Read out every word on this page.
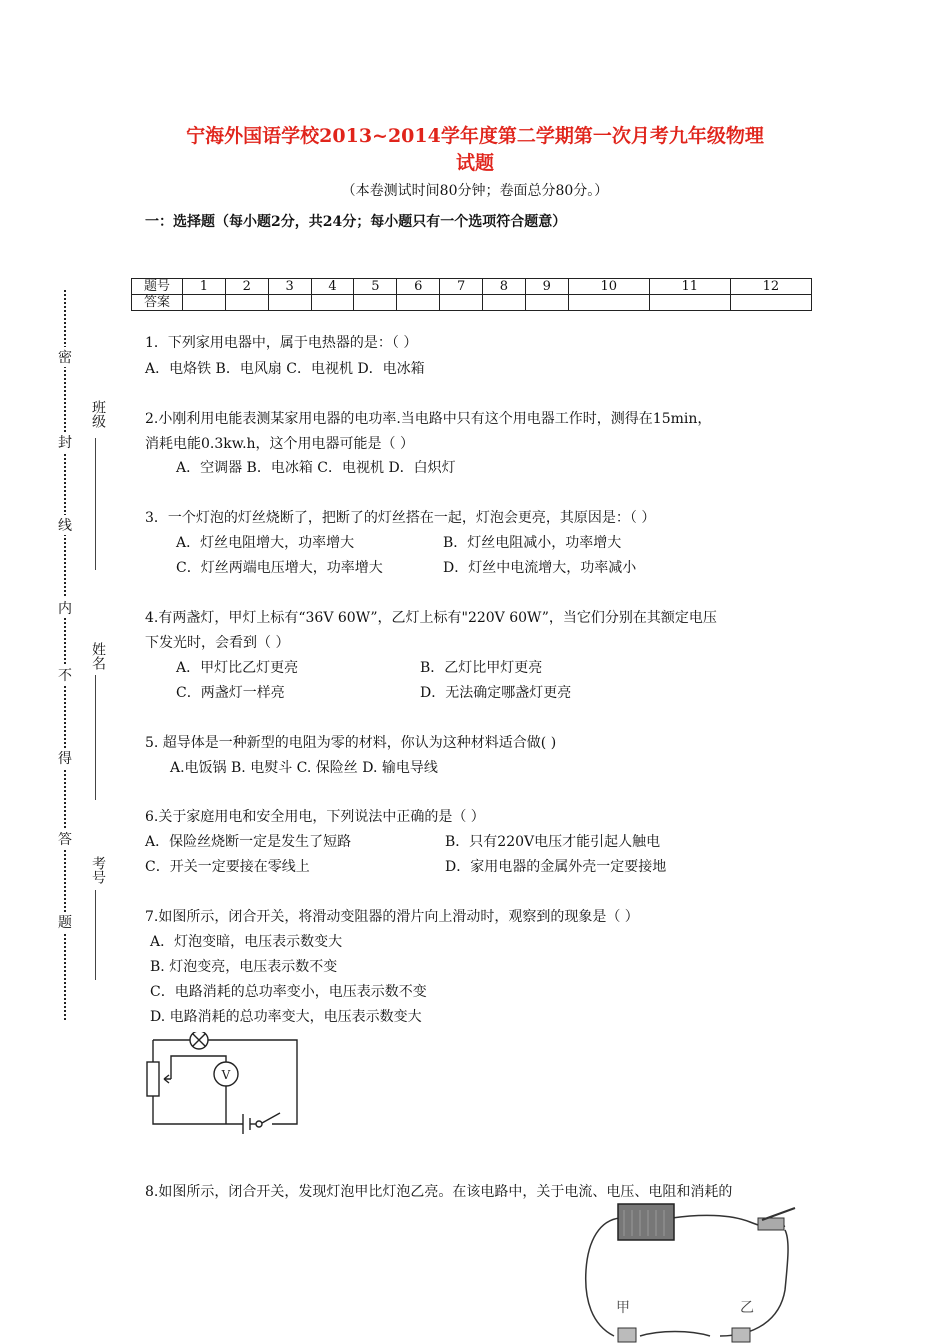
宁海外国语学校2013~2014学年度第二学期第一次月考九年级物理
试题
（本卷测试时间80分钟；卷面总分80分。）
一：选择题（每小题2分，共24分；每小题只有一个选项符合题意）
题号	1	2	3	4	5	6	7	8	9	10	11	12
答案												
密
封
线
内
不
得
答
题
班级
姓名
考号
1．下列家用电器中，属于电热器的是：（ ）
A．电烙铁 B．电风扇 C．电视机 D．电冰箱
2.小刚利用电能表测某家用电器的电功率.当电路中只有这个用电器工作时，测得在15min，
消耗电能0.3kw.h，这个用电器可能是（ ）
A．空调器 B．电冰箱 C．电视机 D．白炽灯
3．一个灯泡的灯丝烧断了，把断了的灯丝搭在一起，灯泡会更亮，其原因是：（ ）
A．灯丝电阻增大，功率增大	B．灯丝电阻减小，功率增大
C．灯丝两端电压增大，功率增大	D．灯丝中电流增大，功率减小
4.有两盏灯，甲灯上标有“36V 60W”，乙灯上标有"220V 60W”，当它们分别在其额定电压
下发光时，会看到（ ）
A．甲灯比乙灯更亮	B．乙灯比甲灯更亮
C．两盏灯一样亮	D．无法确定哪盏灯更亮
5. 超导体是一种新型的电阻为零的材料，你认为这种材料适合做( )
A.电饭锅 B. 电熨斗 C. 保险丝 D. 输电导线
6.关于家庭用电和安全用电，下列说法中正确的是（ ）
A．保险丝烧断一定是发生了短路	B．只有220V电压才能引起人触电
C．开关一定要接在零线上	D．家用电器的金属外壳一定要接地
7.如图所示，闭合开关，将滑动变阻器的滑片向上滑动时，观察到的现象是（ ）
A．灯泡变暗，电压表示数变大
B. 灯泡变亮，电压表示数不变
C．电路消耗的总功率变小，电压表示数不变
D. 电路消耗的总功率变大，电压表示数变大
V
8.如图所示，闭合开关，发现灯泡甲比灯泡乙亮。在该电路中，关于电流、电压、电阻和消耗的
甲	乙
